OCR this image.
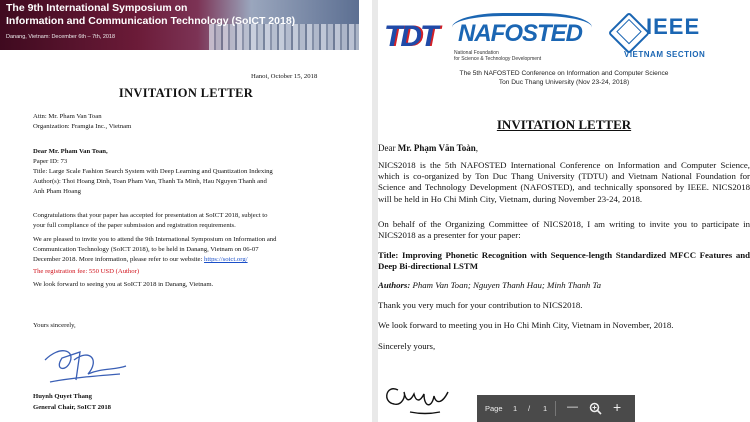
The 9th International Symposium on
Information and Communication Technology (SoICT 2018)
Danang, Vietnam: December 6th – 7th, 2018
Hanoi, October 15, 2018
INVITATION LETTER
Attn: Mr. Pham Van Toan
Organization: Framgia Inc., Vietnam
Dear Mr. Pham Van Toan,
Paper ID: 73
Title: Large Scale Fashion Search System with Deep Learning and Quantization Indexing
Author(s): Thoi Hoang Dinh, Toan Pham Van, Thanh Ta Minh, Hau Nguyen Thanh and
Anh Pham Hoang
Congratulations that your paper has accepted for presentation at SoICT 2018, subject to
your full compliance of the paper submission and registration requirements.
We are pleased to invite you to attend the 9th International Symposium on Information and
Communication Technology (SoICT 2018), to be held in Danang, Vietnam on 06-07
December 2018. More information, please refer to our website: https://soict.org/
The registration fee: 550 USD (Author)
We look forward to seeing you at SoICT 2018 in Danang, Vietnam.
Yours sincerely,
Huynh Quyet Thang
General Chair, SoICT 2018
TDT NAFOSTED
National Foundation
for Science & Technology Development
IEEE
VIETNAM SECTION
The 5th NAFOSTED Conference on Information and Computer Science
Ton Duc Thang University (Nov 23-24, 2018)
INVITATION LETTER
Dear Mr. Phạm Văn Toàn,
NICS2018 is the 5th NAFOSTED International Conference on Information and Computer Science, which is co-organized by Ton Duc Thang University (TDTU) and Vietnam National Foundation for Science and Technology Development (NAFOSTED), and technically sponsored by IEEE. NICS2018 will be held in Ho Chi Minh City, Vietnam, during November 23-24, 2018.
On behalf of the Organizing Committee of NICS2018, I am writing to invite you to participate in NICS2018 as a presenter for your paper:
Title: Improving Phonetic Recognition with Sequence-length Standardized MFCC Features and Deep Bi-directional LSTM
Authors: Pham Van Toan; Nguyen Thanh Hau; Minh Thanh Ta
Thank you very much for your contribution to NICS2018.
We look forward to meeting you in Ho Chi Minh City, Vietnam in November, 2018.
Sincerely yours,
Page 1 / 1 —	+
